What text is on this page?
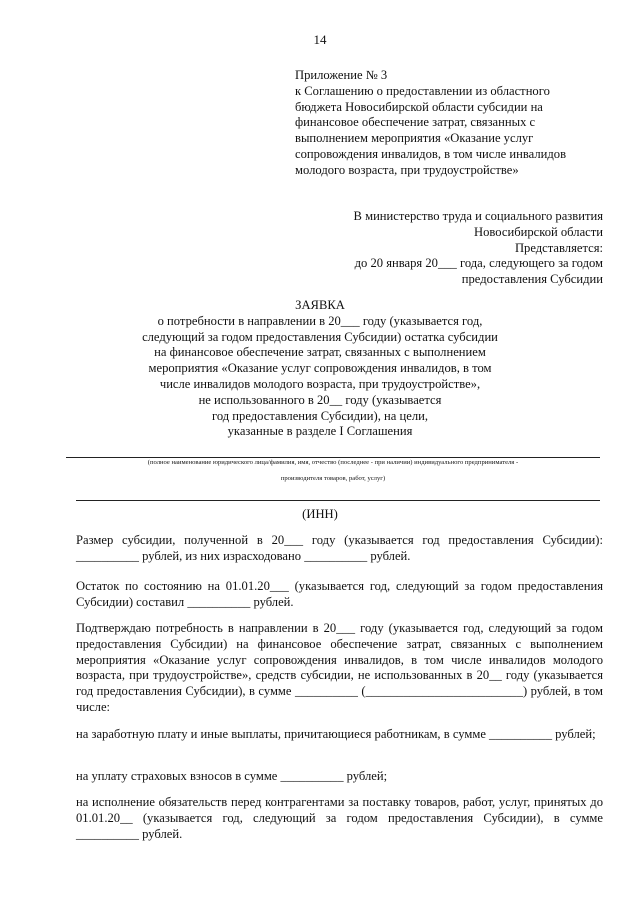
14
Приложение № 3
к Соглашению о предоставлении из областного
бюджета Новосибирской области субсидии на
финансовое обеспечение затрат, связанных с
выполнением мероприятия «Оказание услуг
сопровождения инвалидов, в том числе инвалидов
молодого возраста, при трудоустройстве»
В министерство труда и социального развития
Новосибирской области
Представляется:
до 20 января 20___ года, следующего за годом
предоставления Субсидии
ЗАЯВКА
о потребности в направлении в 20___ году (указывается год,
следующий за годом предоставления Субсидии) остатка субсидии
на финансовое обеспечение затрат, связанных с выполнением
мероприятия «Оказание услуг сопровождения инвалидов, в том
числе инвалидов молодого возраста, при трудоустройстве»,
не использованного в 20__ году (указывается
год предоставления Субсидии), на цели,
указанные в разделе I Соглашения
(полное наименование юридического лица/фамилия, имя, отчество (последнее - при наличии) индивидуального предпринимателя -
производителя товаров, работ, услуг)
(ИНН)
Размер субсидии, полученной в 20___ году (указывается год предоставления Субсидии): __________ рублей, из них израсходовано __________ рублей.
Остаток по состоянию на 01.01.20___ (указывается год, следующий за годом предоставления Субсидии) составил __________ рублей.
Подтверждаю потребность в направлении в 20___ году (указывается год, следующий за годом предоставления Субсидии) на финансовое обеспечение затрат, связанных с выполнением мероприятия «Оказание услуг сопровождения инвалидов, в том числе инвалидов молодого возраста, при трудоустройстве», средств субсидии, не использованных в 20__ году (указывается год предоставления Субсидии), в сумме __________ (_________________________) рублей, в том числе:
на заработную плату и иные выплаты, причитающиеся работникам, в сумме __________ рублей;
на уплату страховых взносов в сумме __________ рублей;
на исполнение обязательств перед контрагентами за поставку товаров, работ, услуг, принятых до 01.01.20__ (указывается год, следующий за годом предоставления Субсидии), в сумме __________ рублей.
